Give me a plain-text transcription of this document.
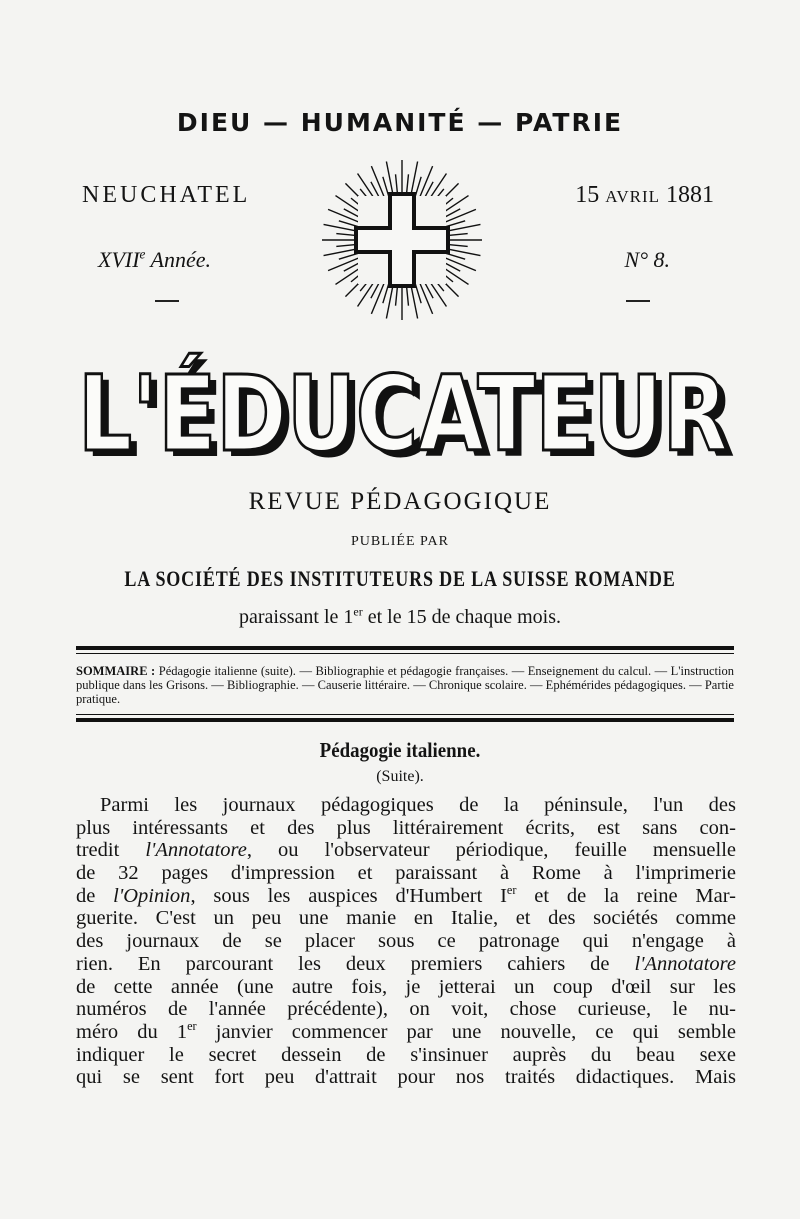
DIEU — HUMANITÉ — PATRIE
NEUCHATEL	15 AVRIL 1881
XVIIe Année.	N° 8.
L'ÉDUCATEUR
L'ÉDUCATEUR
REVUE PÉDAGOGIQUE
PUBLIÉE PAR
LA SOCIÉTÉ DES INSTITUTEURS DE LA SUISSE ROMANDE
paraissant le 1er et le 15 de chaque mois.
SOMMAIRE : Pédagogie italienne (suite). — Bibliographie et pédagogie françaises. — Enseignement du calcul. — L'instruction publique dans les Grisons. — Bibliographie. — Causerie littéraire. — Chronique scolaire. — Ephémérides pédagogiques. — Partie pratique.
Pédagogie italienne.
(Suite).
Parmi les journaux pédagogiques de la péninsule, l'un des
plus intéressants et des plus littérairement écrits, est sans con-
tredit l'Annotatore, ou l'observateur périodique, feuille mensuelle
de 32 pages d'impression et paraissant à Rome à l'imprimerie
de l'Opinion, sous les auspices d'Humbert Ier et de la reine Mar-
guerite. C'est un peu une manie en Italie, et des sociétés comme
des journaux de se placer sous ce patronage qui n'engage à
rien. En parcourant les deux premiers cahiers de l'Annotatore
de cette année (une autre fois, je jetterai un coup d'œil sur les
numéros de l'année précédente), on voit, chose curieuse, le nu-
méro du 1er janvier commencer par une nouvelle, ce qui semble
indiquer le secret dessein de s'insinuer auprès du beau sexe
qui se sent fort peu d'attrait pour nos traités didactiques. Mais
